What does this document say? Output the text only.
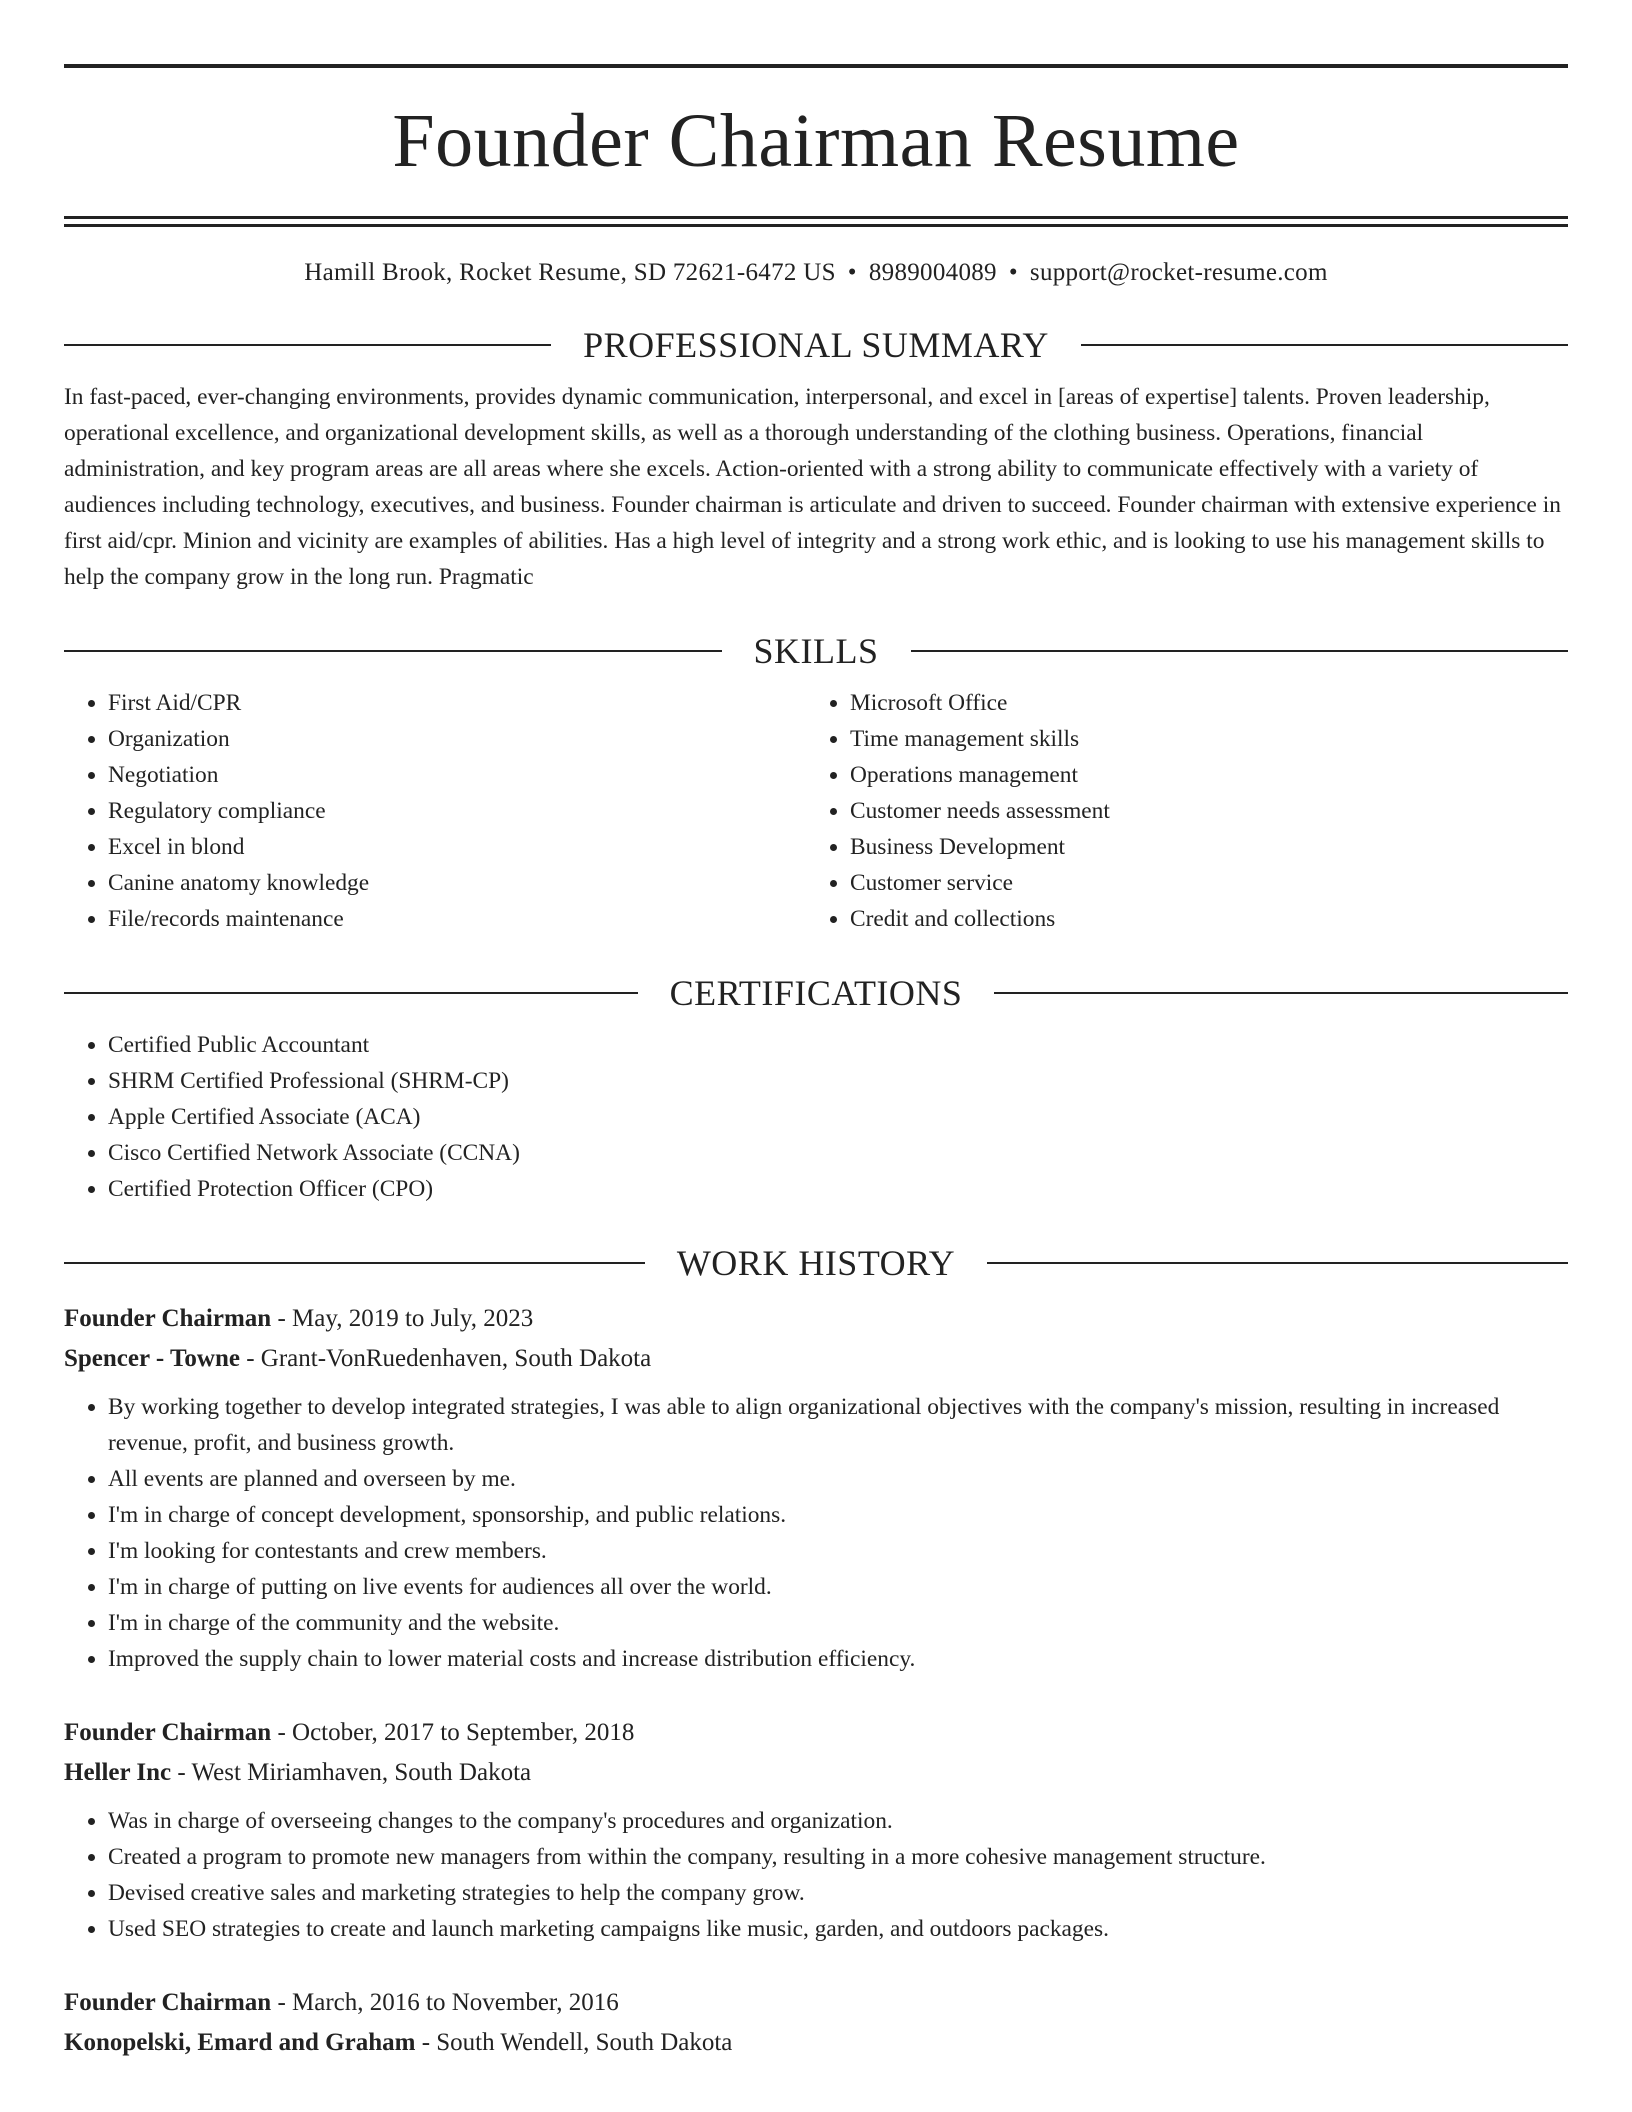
Founder Chairman Resume
Hamill Brook, Rocket Resume, SD 72621-6472 US • 8989004089 • support@rocket-resume.com
PROFESSIONAL SUMMARY
In fast-paced, ever-changing environments, provides dynamic communication, interpersonal, and excel in [areas of expertise] talents. Proven leadership, operational excellence, and organizational development skills, as well as a thorough understanding of the clothing business. Operations, financial administration, and key program areas are all areas where she excels. Action-oriented with a strong ability to communicate effectively with a variety of audiences including technology, executives, and business. Founder chairman is articulate and driven to succeed. Founder chairman with extensive experience in first aid/cpr. Minion and vicinity are examples of abilities. Has a high level of integrity and a strong work ethic, and is looking to use his management skills to help the company grow in the long run. Pragmatic
SKILLS
• First Aid/CPR
• Organization
• Negotiation
• Regulatory compliance
• Excel in blond
• Canine anatomy knowledge
• File/records maintenance
• Microsoft Office
• Time management skills
• Operations management
• Customer needs assessment
• Business Development
• Customer service
• Credit and collections
CERTIFICATIONS
• Certified Public Accountant
• SHRM Certified Professional (SHRM-CP)
• Apple Certified Associate (ACA)
• Cisco Certified Network Associate (CCNA)
• Certified Protection Officer (CPO)
WORK HISTORY
Founder Chairman - May, 2019 to July, 2023
Spencer - Towne - Grant-VonRuedenhaven, South Dakota
• By working together to develop integrated strategies, I was able to align organizational objectives with the company's mission, resulting in increased revenue, profit, and business growth.
• All events are planned and overseen by me.
• I'm in charge of concept development, sponsorship, and public relations.
• I'm looking for contestants and crew members.
• I'm in charge of putting on live events for audiences all over the world.
• I'm in charge of the community and the website.
• Improved the supply chain to lower material costs and increase distribution efficiency.
Founder Chairman - October, 2017 to September, 2018
Heller Inc - West Miriamhaven, South Dakota
• Was in charge of overseeing changes to the company's procedures and organization.
• Created a program to promote new managers from within the company, resulting in a more cohesive management structure.
• Devised creative sales and marketing strategies to help the company grow.
• Used SEO strategies to create and launch marketing campaigns like music, garden, and outdoors packages.
Founder Chairman - March, 2016 to November, 2016
Konopelski, Emard and Graham - South Wendell, South Dakota
